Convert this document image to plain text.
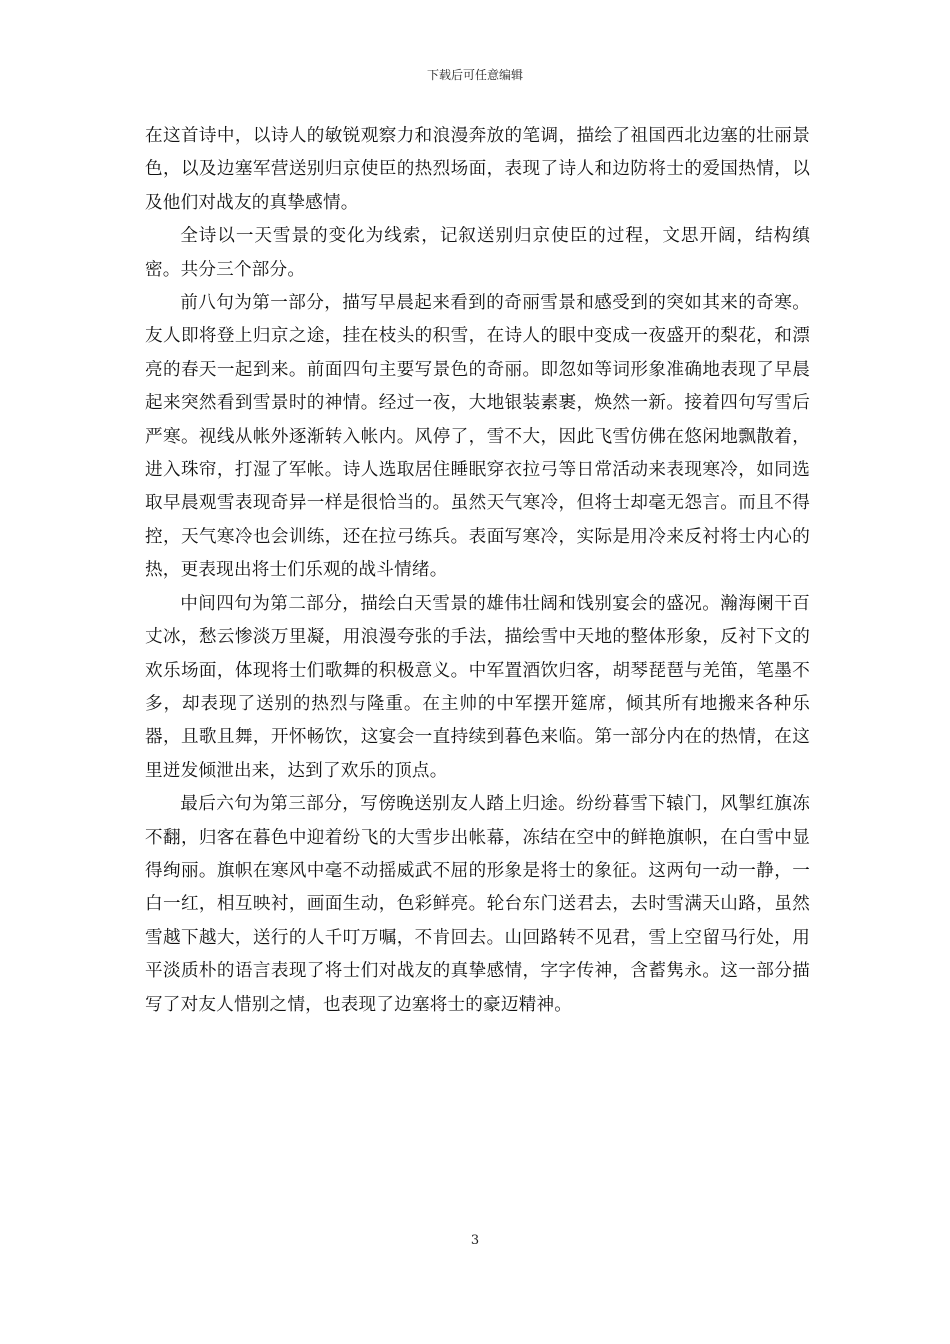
下载后可任意编辑

在这首诗中，以诗人的敏锐观察力和浪漫奔放的笔调，描绘了祖国西北边塞的壮丽景色，以及边塞军营送别归京使臣的热烈场面，表现了诗人和边防将士的爱国热情，以及他们对战友的真挚感情。

全诗以一天雪景的变化为线索，记叙送别归京使臣的过程，文思开阔，结构缜密。共分三个部分。

前八句为第一部分，描写早晨起来看到的奇丽雪景和感受到的突如其来的奇寒。友人即将登上归京之途，挂在枝头的积雪，在诗人的眼中变成一夜盛开的梨花，和漂亮的春天一起到来。前面四句主要写景色的奇丽。即忽如等词形象准确地表现了早晨起来突然看到雪景时的神情。经过一夜，大地银装素裹，焕然一新。接着四句写雪后严寒。视线从帐外逐渐转入帐内。风停了，雪不大，因此飞雪仿佛在悠闲地飘散着，进入珠帘，打湿了军帐。诗人选取居住睡眠穿衣拉弓等日常活动来表现寒冷，如同选取早晨观雪表现奇异一样是很恰当的。虽然天气寒冷，但将士却毫无怨言。而且不得控，天气寒冷也会训练，还在拉弓练兵。表面写寒冷，实际是用冷来反衬将士内心的热，更表现出将士们乐观的战斗情绪。

中间四句为第二部分，描绘白天雪景的雄伟壮阔和饯别宴会的盛况。瀚海阑干百丈冰，愁云惨淡万里凝，用浪漫夸张的手法，描绘雪中天地的整体形象，反衬下文的欢乐场面，体现将士们歌舞的积极意义。中军置酒饮归客，胡琴琵琶与羌笛，笔墨不多，却表现了送别的热烈与隆重。在主帅的中军摆开筵席，倾其所有地搬来各种乐器，且歌且舞，开怀畅饮，这宴会一直持续到暮色来临。第一部分内在的热情，在这里迸发倾泄出来，达到了欢乐的顶点。

最后六句为第三部分，写傍晚送别友人踏上归途。纷纷暮雪下辕门，风掣红旗冻不翻，归客在暮色中迎着纷飞的大雪步出帐幕，冻结在空中的鲜艳旗帜，在白雪中显得绚丽。旗帜在寒风中毫不动摇威武不屈的形象是将士的象征。这两句一动一静，一白一红，相互映衬，画面生动，色彩鲜亮。轮台东门送君去，去时雪满天山路，虽然雪越下越大，送行的人千叮万嘱，不肯回去。山回路转不见君，雪上空留马行处，用平淡质朴的语言表现了将士们对战友的真挚感情，字字传神，含蓄隽永。这一部分描写了对友人惜别之情，也表现了边塞将士的豪迈精神。

3
